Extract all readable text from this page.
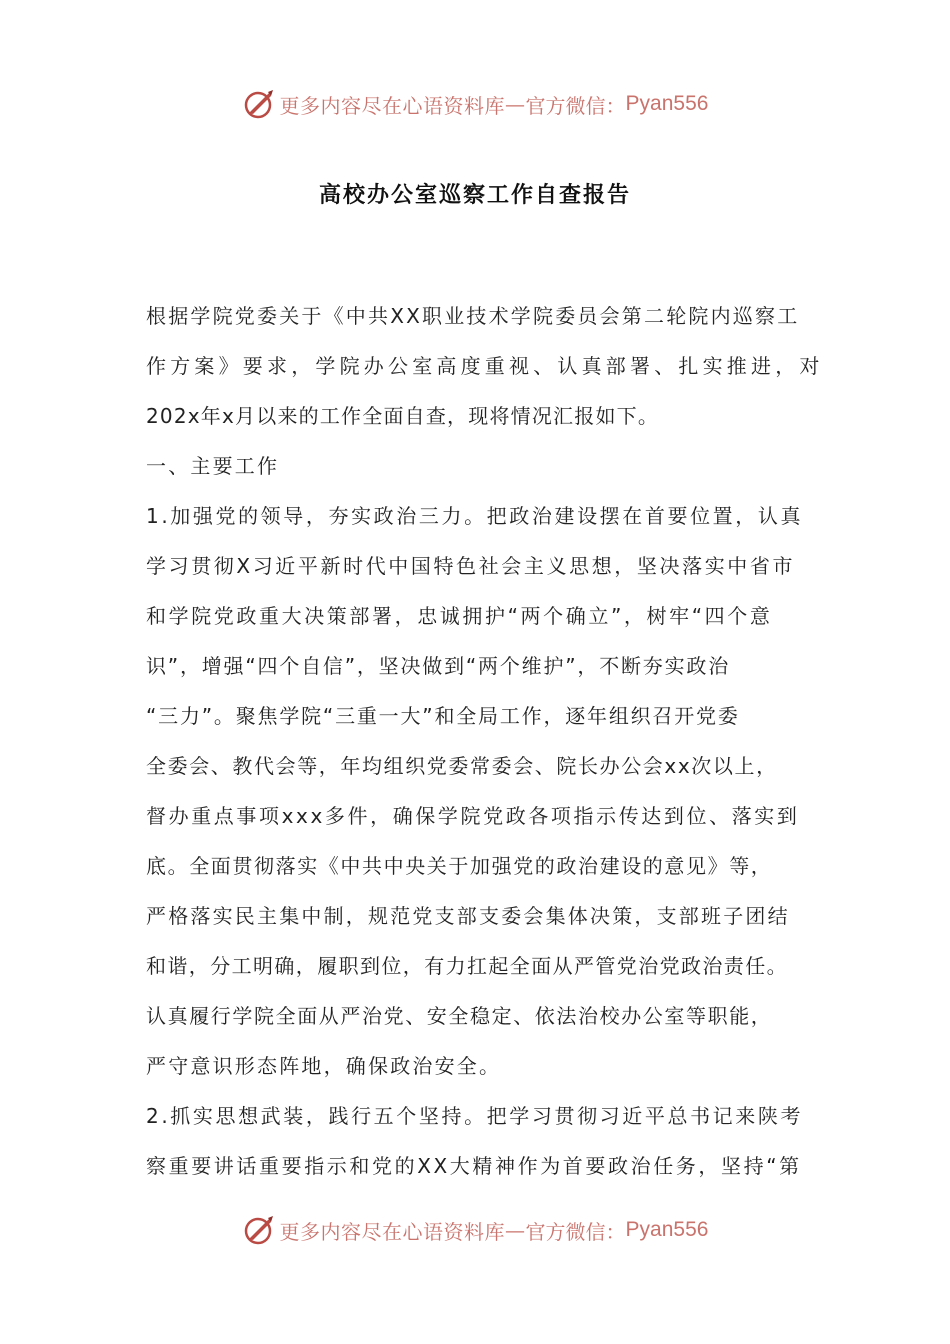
更多内容尽在心语资料库 — 官方微信： Pyan556
高校办公室巡察工作自查报告
根据学院党委关于《中共XX职业技术学院委员会第二轮院内巡察工
作方案》要求，学院办公室高度重视、认真部署、扎实推进，对
202x年x月以来的工作全面自查，现将情况汇报如下。
一、主要工作
1.加强党的领导，夯实政治三力。把政治建设摆在首要位置，认真
学习贯彻X习近平新时代中国特色社会主义思想，坚决落实中省市
和学院党政重大决策部署，忠诚拥护“两个确立”，树牢“四个意
识”，增强“四个自信”，坚决做到“两个维护”，不断夯实政治
“三力”。聚焦学院“三重一大”和全局工作，逐年组织召开党委
全委会、教代会等，年均组织党委常委会、院长办公会xx次以上，
督办重点事项xxx多件，确保学院党政各项指示传达到位、落实到
底。全面贯彻落实《中共中央关于加强党的政治建设的意见》等，
严格落实民主集中制，规范党支部支委会集体决策，支部班子团结
和谐，分工明确，履职到位，有力扛起全面从严管党治党政治责任。
认真履行学院全面从严治党、安全稳定、依法治校办公室等职能，
严守意识形态阵地，确保政治安全。
2.抓实思想武装，践行五个坚持。把学习贯彻习近平总书记来陕考
察重要讲话重要指示和党的XX大精神作为首要政治任务，坚持“第
更多内容尽在心语资料库 — 官方微信： Pyan556
